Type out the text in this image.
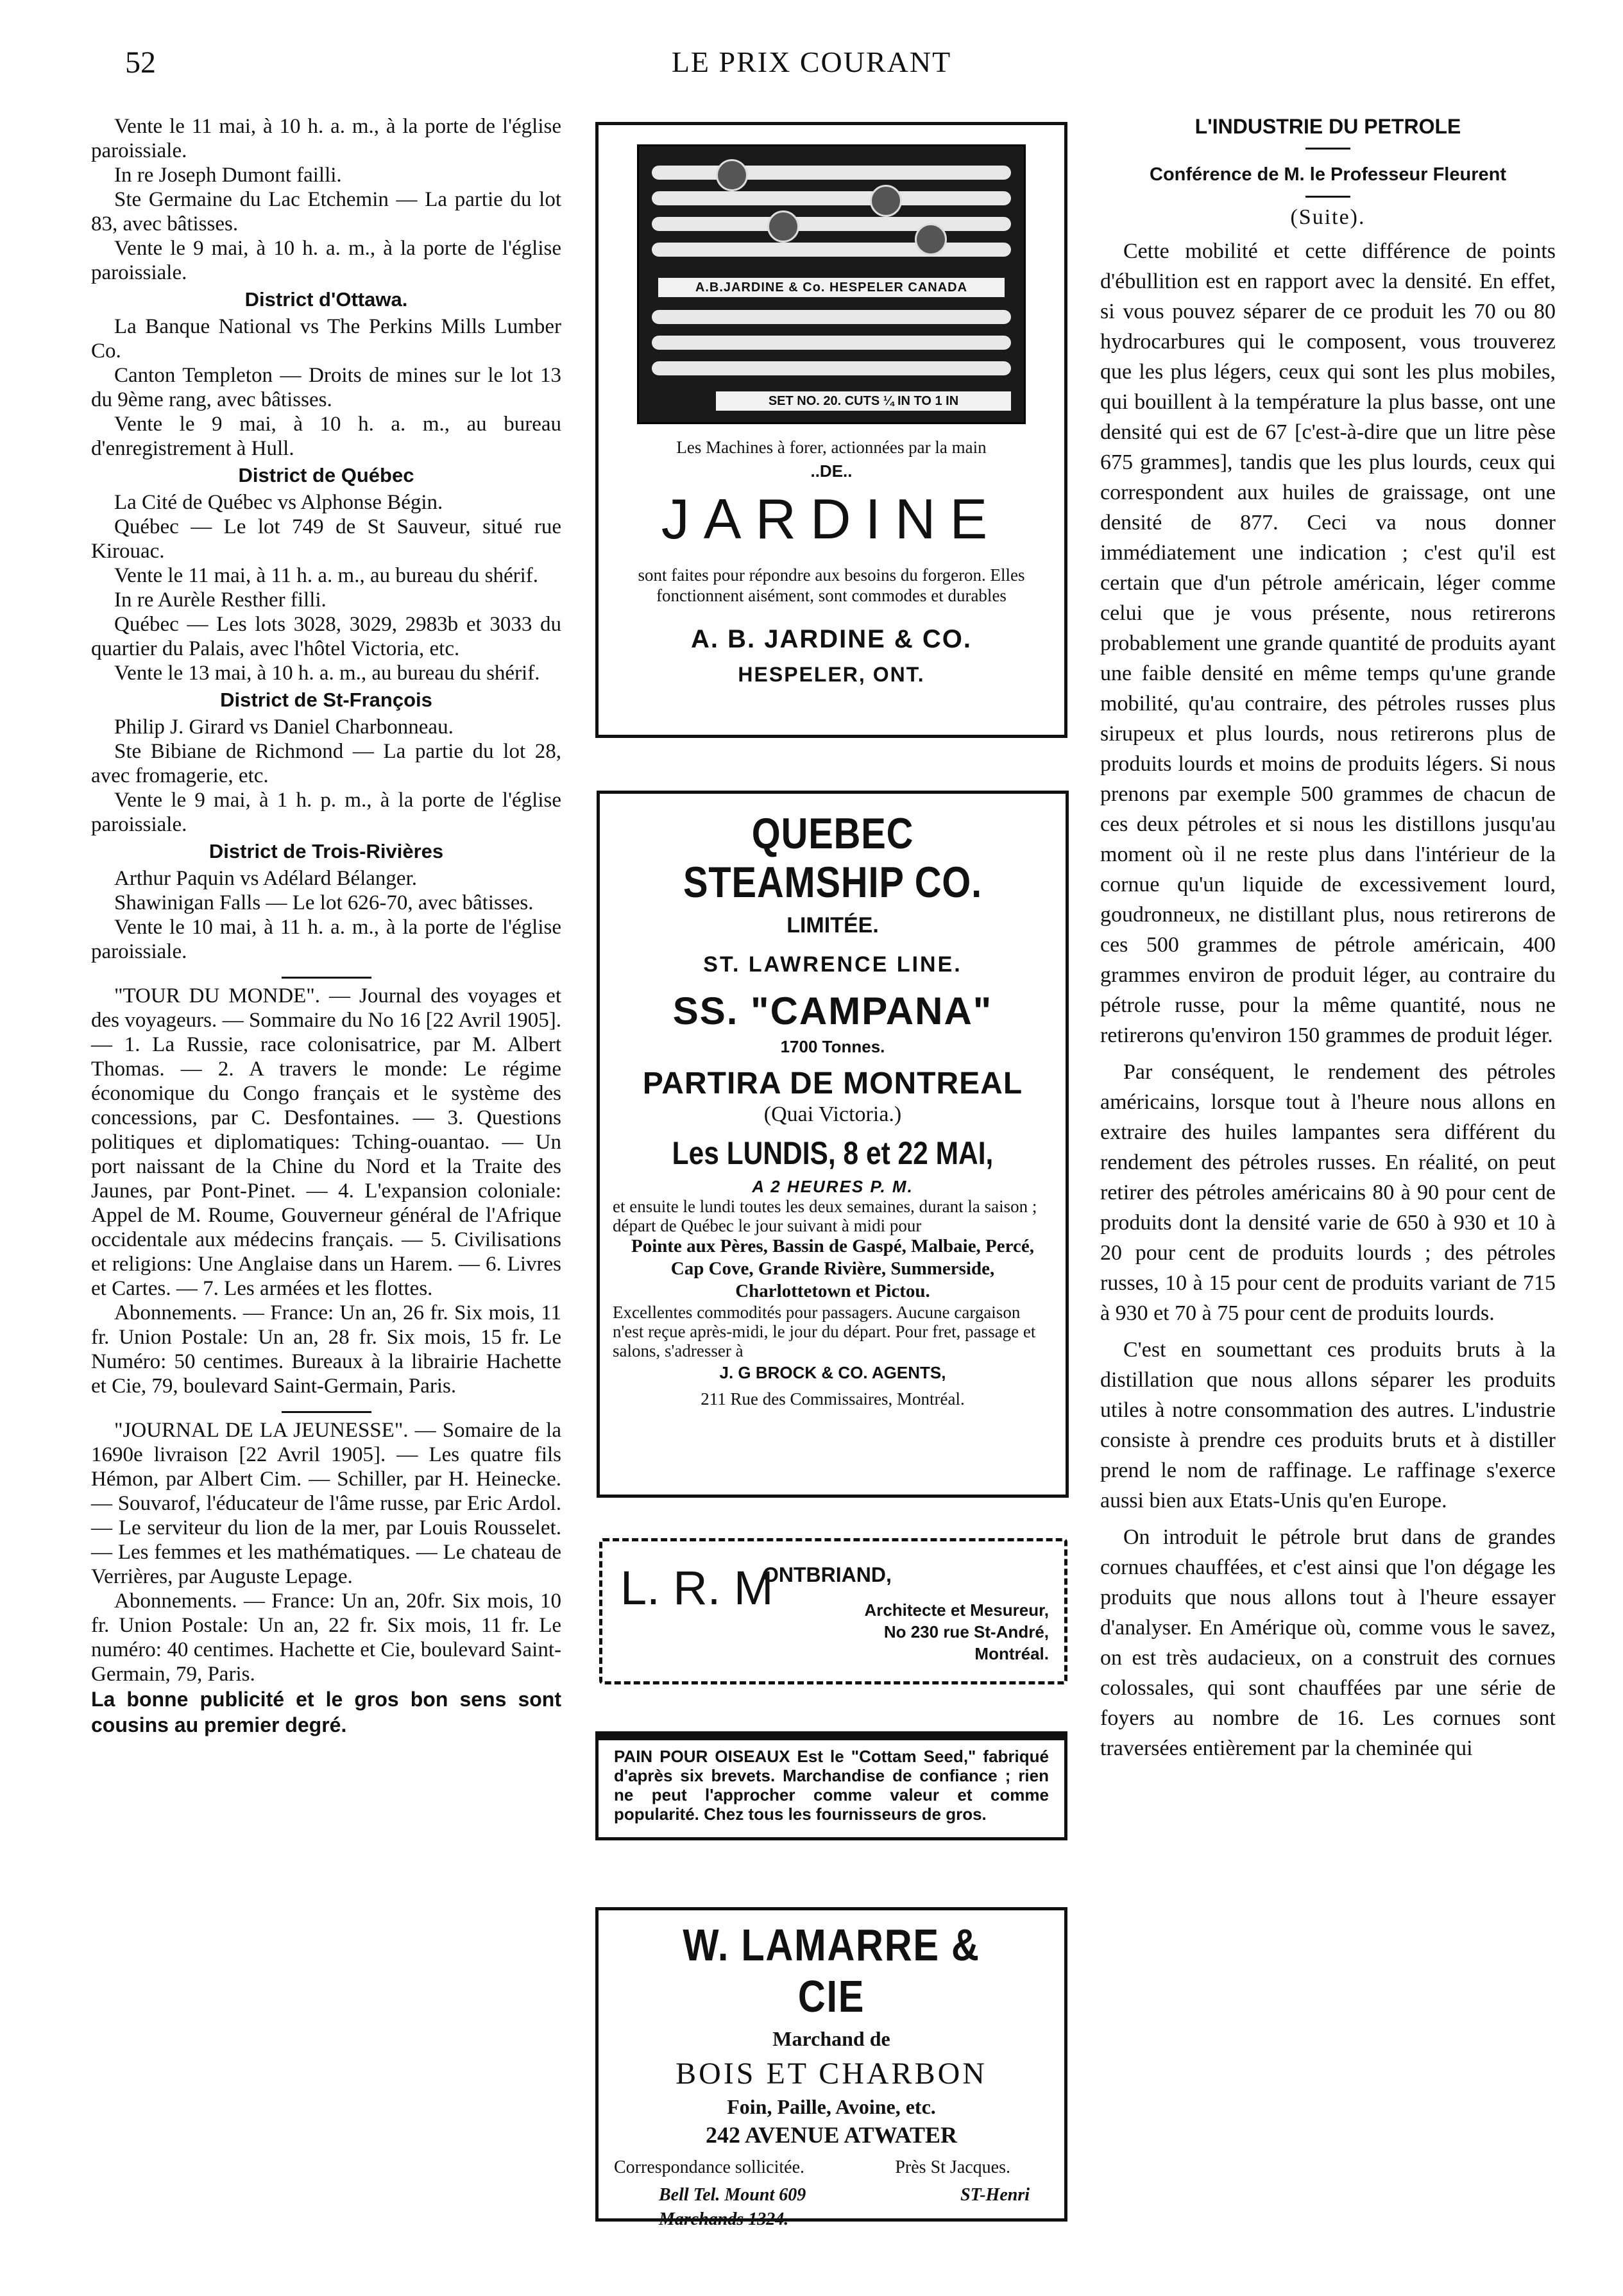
52	LE PRIX COURANT

Vente le 11 mai, à 10 h. a. m., à la porte de l'église paroissiale.

In re Joseph Dumont failli.

Ste Germaine du Lac Etchemin — La partie du lot 83, avec bâtisses.

Vente le 9 mai, à 10 h. a. m., à la porte de l'église paroissiale.

District d'Ottawa.

La Banque National vs The Perkins Mills Lumber Co.

Canton Templeton — Droits de mines sur le lot 13 du 9ème rang, avec bâtisses.

Vente le 9 mai, à 10 h. a. m., au bureau d'enregistrement à Hull.

District de Québec

La Cité de Québec vs Alphonse Bégin.

Québec — Le lot 749 de St Sauveur, situé rue Kirouac.

Vente le 11 mai, à 11 h. a. m., au bureau du shérif.

In re Aurèle Resther filli.

Québec — Les lots 3028, 3029, 2983b et 3033 du quartier du Palais, avec l'hôtel Victoria, etc.

Vente le 13 mai, à 10 h. a. m., au bureau du shérif.

District de St-François

Philip J. Girard vs Daniel Charbonneau.

Ste Bibiane de Richmond — La partie du lot 28, avec fromagerie, etc.

Vente le 9 mai, à 1 h. p. m., à la porte de l'église paroissiale.

District de Trois-Rivières

Arthur Paquin vs Adélard Bélanger.

Shawinigan Falls — Le lot 626-70, avec bâtisses.

Vente le 10 mai, à 11 h. a. m., à la porte de l'église paroissiale.

"TOUR DU MONDE". — Journal des voyages et des voyageurs. — Sommaire du No 16 [22 Avril 1905]. — 1. La Russie, race colonisatrice, par M. Albert Thomas. — 2. A travers le monde: Le régime économique du Congo français et le système des concessions, par C. Desfontaines. — 3. Questions politiques et diplomatiques: Tching-ouantao. — Un port naissant de la Chine du Nord et la Traite des Jaunes, par Pont-Pinet. — 4. L'expansion coloniale: Appel de M. Roume, Gouverneur général de l'Afrique occidentale aux médecins français. — 5. Civilisations et religions: Une Anglaise dans un Harem. — 6. Livres et Cartes. — 7. Les armées et les flottes.

Abonnements. — France: Un an, 26 fr. Six mois, 11 fr. Union Postale: Un an, 28 fr. Six mois, 15 fr. Le Numéro: 50 centimes. Bureaux à la librairie Hachette et Cie, 79, boulevard Saint-Germain, Paris.

"JOURNAL DE LA JEUNESSE". — Somaire de la 1690e livraison [22 Avril 1905]. — Les quatre fils Hémon, par Albert Cim. — Schiller, par H. Heinecke. — Souvarof, l'éducateur de l'âme russe, par Eric Ardol. — Le serviteur du lion de la mer, par Louis Rousselet. — Les femmes et les mathématiques. — Le chateau de Verrières, par Auguste Lepage.

Abonnements. — France: Un an, 20fr. Six mois, 10 fr. Union Postale: Un an, 22 fr. Six mois, 11 fr. Le numéro: 40 centimes. Hachette et Cie, boulevard Saint-Germain, 79, Paris.

La bonne publicité et le gros bon sens sont cousins au premier degré.

A.B.JARDINE & Co. HESPELER CANADA
SET NO. 20. CUTS ¼ IN TO 1 IN
Les Machines à forer, actionnées par la main
..DE..
JARDINE
sont faites pour répondre aux besoins du forgeron. Elles fonctionnent aisément, sont commodes et durables
A. B. JARDINE & CO.
HESPELER, ONT.
QUEBEC STEAMSHIP CO.
LIMITÉE.
ST. LAWRENCE LINE.
SS. "CAMPANA"
1700 Tonnes.
PARTIRA DE MONTREAL
(Quai Victoria.)
Les LUNDIS, 8 et 22 MAI,
A 2 HEURES P. M.
et ensuite le lundi toutes les deux semaines, durant la saison ; départ de Québec le jour suivant à midi pour
Pointe aux Pères, Bassin de Gaspé, Malbaie, Percé, Cap Cove, Grande Rivière, Summerside, Charlottetown et Pictou.
Excellentes commodités pour passagers. Aucune cargaison n'est reçue après-midi, le jour du départ. Pour fret, passage et salons, s'adresser à
J. G BROCK & CO. AGENTS,
211 Rue des Commissaires, Montréal.
L. R. M
ONTBRIAND,
Architecte et Mesureur,
No 230 rue St-André,
Montréal.

PAIN POUR OISEAUX Est le "Cottam Seed," fabriqué d'après six brevets. Marchandise de confiance ; rien ne peut l'approcher comme valeur et comme popularité. Chez tous les fournisseurs de gros.

W. LAMARRE & CIE
Marchand de
BOIS ET CHARBON
Foin, Paille, Avoine, etc.
242 AVENUE ATWATER
Correspondance sollicitée.	Près St Jacques.
Bell Tel. Mount 609
Marchands 1324.
ST-Henri
L'INDUSTRIE DU PETROLE
Conférence de M. le Professeur Fleurent
(Suite).

Cette mobilité et cette différence de points d'ébullition est en rapport avec la densité. En effet, si vous pouvez séparer de ce produit les 70 ou 80 hydrocarbures qui le composent, vous trouverez que les plus légers, ceux qui sont les plus mobiles, qui bouillent à la température la plus basse, ont une densité qui est de 67 [c'est-à-dire que un litre pèse 675 grammes], tandis que les plus lourds, ceux qui correspondent aux huiles de graissage, ont une densité de 877. Ceci va nous donner immédiatement une indication ; c'est qu'il est certain que d'un pétrole américain, léger comme celui que je vous présente, nous retirerons probablement une grande quantité de produits ayant une faible densité en même temps qu'une grande mobilité, qu'au contraire, des pétroles russes plus sirupeux et plus lourds, nous retirerons plus de produits lourds et moins de produits légers. Si nous prenons par exemple 500 grammes de chacun de ces deux pétroles et si nous les distillons jusqu'au moment où il ne reste plus dans l'intérieur de la cornue qu'un liquide de excessivement lourd, goudronneux, ne distillant plus, nous retirerons de ces 500 grammes de pétrole américain, 400 grammes environ de produit léger, au contraire du pétrole russe, pour la même quantité, nous ne retirerons qu'environ 150 grammes de produit léger.

Par conséquent, le rendement des pétroles américains, lorsque tout à l'heure nous allons en extraire des huiles lampantes sera différent du rendement des pétroles russes. En réalité, on peut retirer des pétroles américains 80 à 90 pour cent de produits dont la densité varie de 650 à 930 et 10 à 20 pour cent de produits lourds ; des pétroles russes, 10 à 15 pour cent de produits variant de 715 à 930 et 70 à 75 pour cent de produits lourds.

C'est en soumettant ces produits bruts à la distillation que nous allons séparer les produits utiles à notre consommation des autres. L'industrie consiste à prendre ces produits bruts et à distiller prend le nom de raffinage. Le raffinage s'exerce aussi bien aux Etats-Unis qu'en Europe.

On introduit le pétrole brut dans de grandes cornues chauffées, et c'est ainsi que l'on dégage les produits que nous allons tout à l'heure essayer d'analyser. En Amérique où, comme vous le savez, on est très audacieux, on a construit des cornues colossales, qui sont chauffées par une série de foyers au nombre de 16. Les cornues sont traversées entièrement par la cheminée qui
